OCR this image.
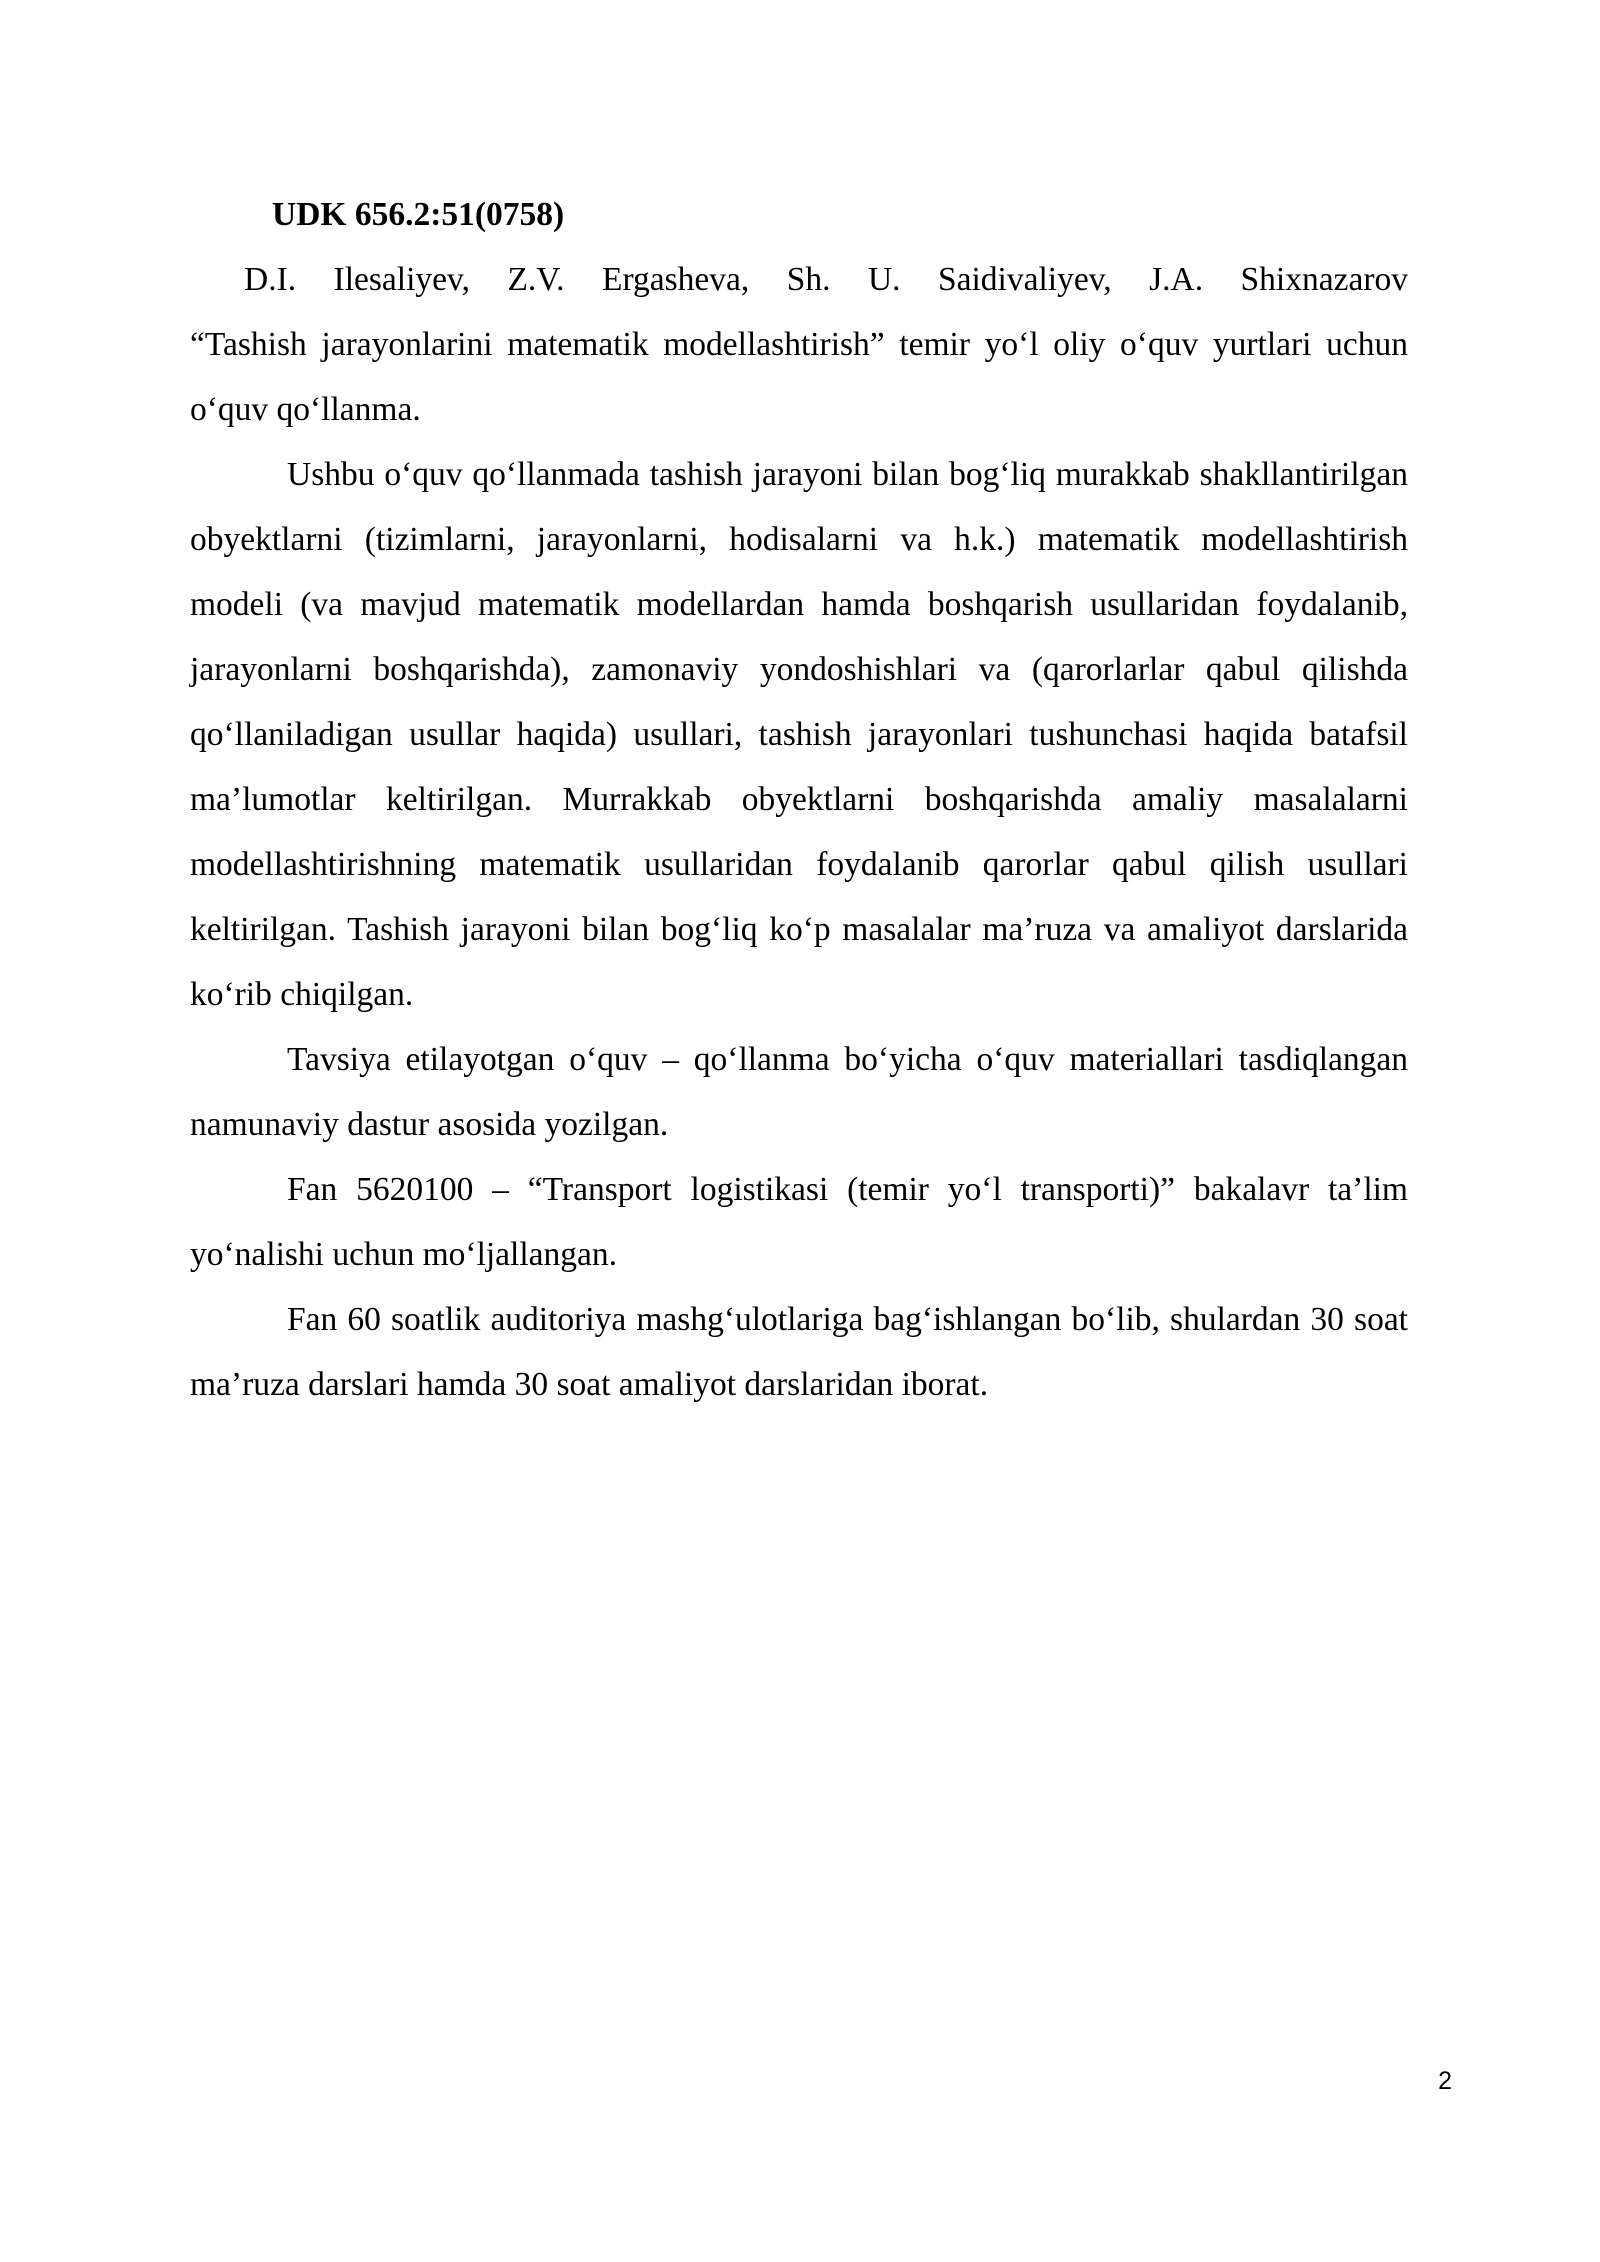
UDK 656.2:51(0758)

D.I. Ilesaliyev, Z.V. Ergasheva, Sh. U. Saidivaliyev, J.A. Shixnazarov

“Tashish jarayonlarini matematik modellashtirish” temir yo‘l oliy o‘quv yurtlari uchun o‘quv qo‘llanma.

Ushbu o‘quv qo‘llanmada tashish jarayoni bilan bog‘liq murakkab shakllantirilgan obyektlarni (tizimlarni, jarayonlarni, hodisalarni va h.k.) matematik modellashtirish modeli (va mavjud matematik modellardan hamda boshqarish usullaridan foydalanib, jarayonlarni boshqarishda), zamonaviy yondoshishlari va (qarorlarlar qabul qilishda qo‘llaniladigan usullar haqida) usullari, tashish jarayonlari tushunchasi haqida batafsil ma’lumotlar keltirilgan. Murrakkab obyektlarni boshqarishda amaliy masalalarni modellashtirishning matematik usullaridan foydalanib qarorlar qabul qilish usullari keltirilgan. Tashish jarayoni bilan bog‘liq ko‘p masalalar ma’ruza va amaliyot darslarida ko‘rib chiqilgan.

Tavsiya etilayotgan o‘quv – qo‘llanma bo‘yicha o‘quv materiallari tasdiqlangan namunaviy dastur asosida yozilgan.

Fan 5620100 – “Transport logistikasi (temir yo‘l transporti)” bakalavr ta’lim yo‘nalishi uchun mo‘ljallangan.

Fan 60 soatlik auditoriya mashg‘ulotlariga bag‘ishlangan bo‘lib, shulardan 30 soat ma’ruza darslari hamda 30 soat amaliyot darslaridan iborat.

2
